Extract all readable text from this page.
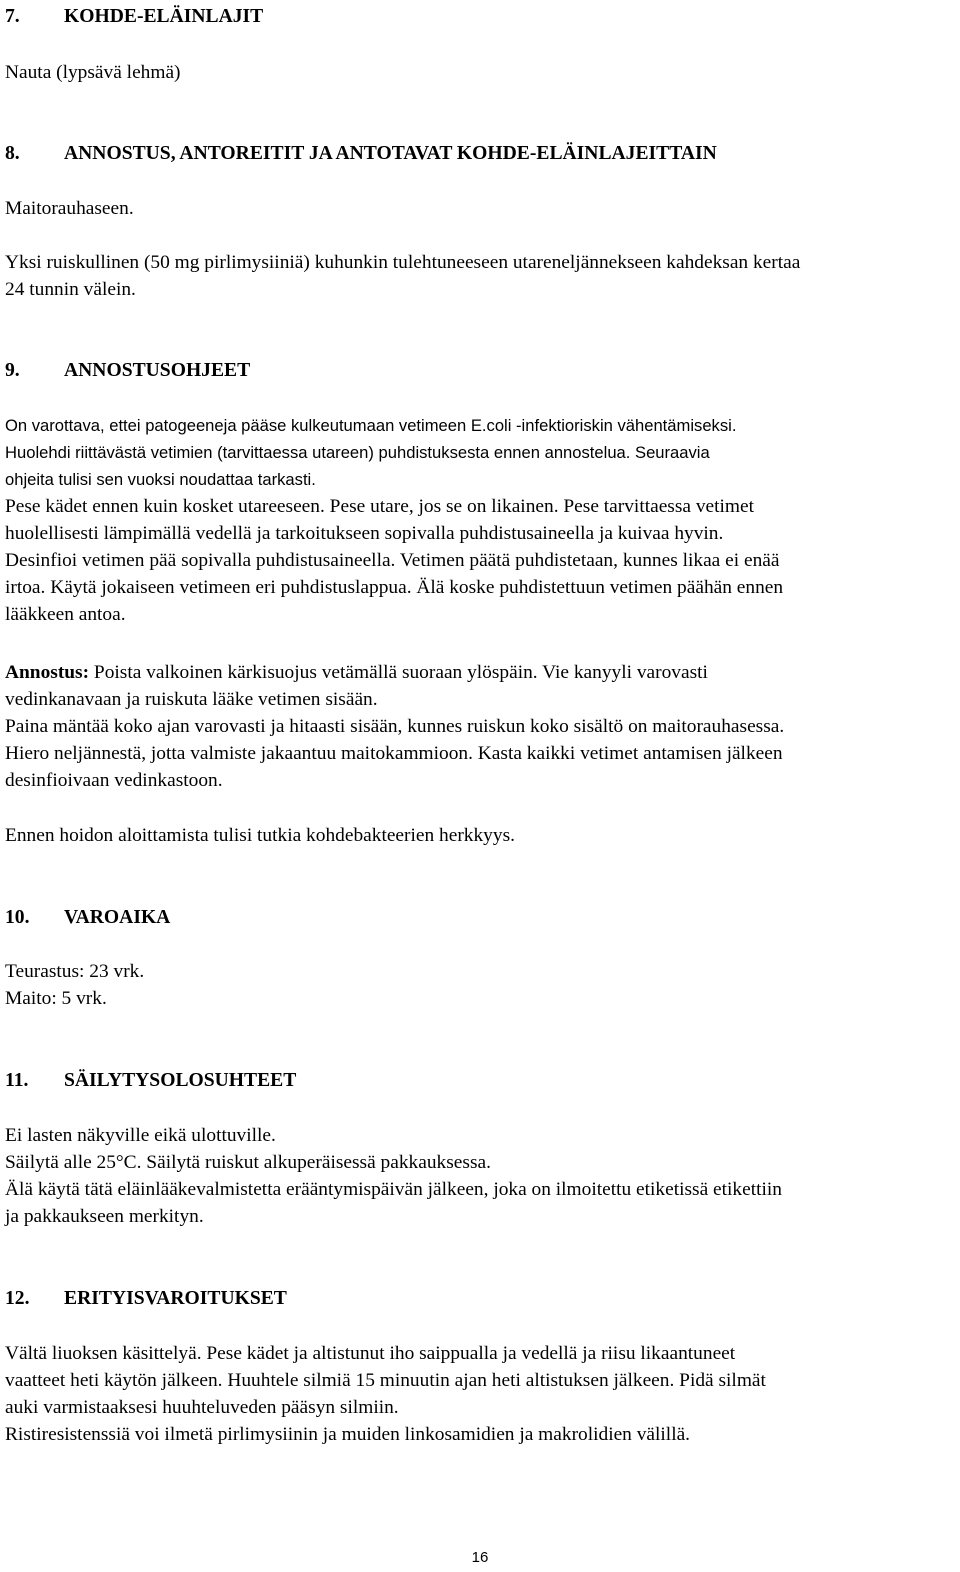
7. KOHDE-ELÄINLAJIT
Nauta (lypsävä lehmä)
8. ANNOSTUS, ANTOREITIT JA ANTOTAVAT KOHDE-ELÄINLAJEITTAIN
Maitorauhaseen.
Yksi ruiskullinen (50 mg pirlimysiiniä) kuhunkin tulehtuneeseen utareneljännekseen kahdeksan kertaa
24 tunnin välein.
9. ANNOSTUSOHJEET
On varottava, ettei patogeeneja pääse kulkeutumaan vetimeen E.coli -infektioriskin vähentämiseksi.
Huolehdi riittävästä vetimien (tarvittaessa utareen) puhdistuksesta ennen annostelua. Seuraavia
ohjeita tulisi sen vuoksi noudattaa tarkasti.
Pese kädet ennen kuin kosket utareeseen. Pese utare, jos se on likainen. Pese tarvittaessa vetimet
huolellisesti lämpimällä vedellä ja tarkoitukseen sopivalla puhdistusaineella ja kuivaa hyvin.
Desinfioi vetimen pää sopivalla puhdistusaineella. Vetimen päätä puhdistetaan, kunnes likaa ei enää
irtoa. Käytä jokaiseen vetimeen eri puhdistuslappua. Älä koske puhdistettuun vetimen päähän ennen
lääkkeen antoa.
Annostus: Poista valkoinen kärkisuojus vetämällä suoraan ylöspäin. Vie kanyyli varovasti
vedinkanavaan ja ruiskuta lääke vetimen sisään.
Paina mäntää koko ajan varovasti ja hitaasti sisään, kunnes ruiskun koko sisältö on maitorauhasessa.
Hiero neljännestä, jotta valmiste jakaantuu maitokammioon. Kasta kaikki vetimet antamisen jälkeen
desinfioivaan vedinkastoon.
Ennen hoidon aloittamista tulisi tutkia kohdebakteerien herkkyys.
10. VAROAIKA
Teurastus: 23 vrk.
Maito: 5 vrk.
11. SÄILYTYSOLOSUHTEET
Ei lasten näkyville eikä ulottuville.
Säilytä alle 25°C. Säilytä ruiskut alkuperäisessä pakkauksessa.
Älä käytä tätä eläinlääkevalmistetta erääntymispäivän jälkeen, joka on ilmoitettu etiketissä etikettiin
ja pakkaukseen merkityn.
12. ERITYISVAROITUKSET
Vältä liuoksen käsittelyä. Pese kädet ja altistunut iho saippualla ja vedellä ja riisu likaantuneet
vaatteet heti käytön jälkeen. Huuhtele silmiä 15 minuutin ajan heti altistuksen jälkeen. Pidä silmät
auki varmistaaksesi huuhteluveden pääsyn silmiin.
Ristiresistenssiä voi ilmetä pirlimysiinin ja muiden linkosamidien ja makrolidien välillä.
16
